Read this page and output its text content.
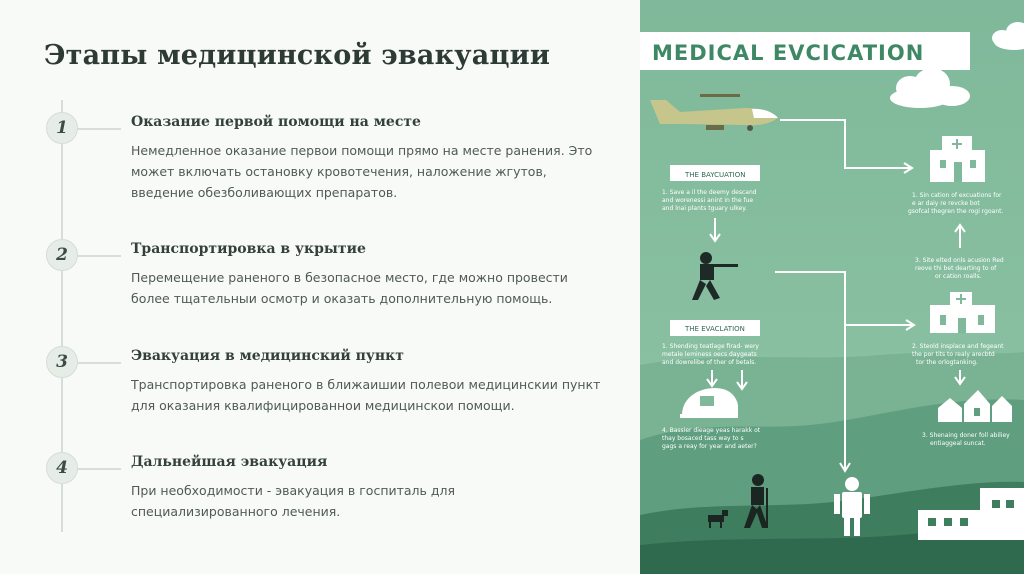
Этапы медицинской эвакуации
1	Оказание первой помощи на месте
Немедленное оказание первои помощи прямо на месте ранения. Это может включать остановку кровотечения, наложение жгутов, введение обезболивающих препаратов.
2	Транспортировка в укрытие
Перемещение раненого в безопасное место, где можно провести более тщательныи осмотр и оказать дополнительную помощь.
3	Эвакуация в медицинский пункт
Транспортировка раненого в ближаишии полевои медицинскии пункт для оказания квалифицированнои медицинскои помощи.
4	Дальнейшая эвакуация
При необходимости - эвакуация в госпиталь для специализированного лечения.
MEDICAL EVCICATION
THE BAYCUATION
1. Save a il the deemy descand
and worenessi anint in the fue
and lnai plants tguary ulkey.
1. Sin cation of excuations for
e ar daiy re revcke bot
gsofcal thegren the rogi rgoant.
3. Site elted onls acusion Red
reove thi bet dearting to of
or cation roalls.
THE EVACLATION
1. Shending teatlage firad- wery
metale leminess oecs daygeats
and dowrelibe of ther of betals.
2. Steold insplace and fegeant
the por tits to realy arecbtd
tor the orlogtanking.
4. Bassier dieage yeas harakk ot
thay bosaced tass way to s
gags a reay for year and aeter?
3. Shenaing doner foll abiliey
entiaggeal suncat.
